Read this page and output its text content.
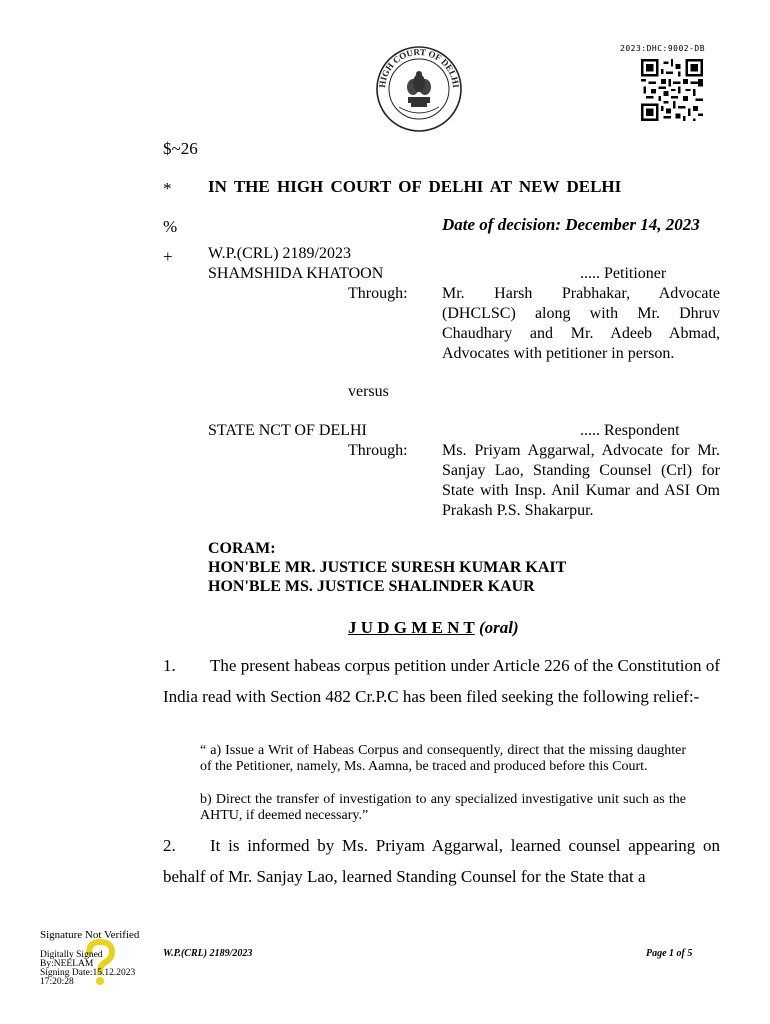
2023:DHC:9002-DB
HIGH COURT OF DELHI
$~26
* IN THE HIGH COURT OF DELHI AT NEW DELHI
%	Date of decision: December 14, 2023
+ W.P.(CRL) 2189/2023
SHAMSHIDA KHATOON	..... Petitioner
Through: Mr. Harsh Prabhakar, Advocate (DHCLSC) along with Mr. Dhruv Chaudhary and Mr. Adeeb Abmad, Advocates with petitioner in person.
versus
STATE NCT OF DELHI	..... Respondent
Through: Ms. Priyam Aggarwal, Advocate for Mr. Sanjay Lao, Standing Counsel (Crl) for State with Insp. Anil Kumar and ASI Om Prakash P.S. Shakarpur.
CORAM:
HON'BLE MR. JUSTICE SURESH KUMAR KAIT
HON'BLE MS. JUSTICE SHALINDER KAUR
J U D G M E N T (oral)
1.	The present habeas corpus petition under Article 226 of the Constitution of India read with Section 482 Cr.P.C has been filed seeking the following relief:-
“ a) Issue a Writ of Habeas Corpus and consequently, direct that the missing daughter of the Petitioner, namely, Ms. Aamna, be traced and produced before this Court.
b) Direct the transfer of investigation to any specialized investigative unit such as the AHTU, if deemed necessary.”
2.	It is informed by Ms. Priyam Aggarwal, learned counsel appearing on behalf of Mr. Sanjay Lao, learned Standing Counsel for the State that a
Signature Not Verified
Digitally Signed
By:NEELAM
Signing Date:15.12.2023
17:20:28
W.P.(CRL) 2189/2023	Page 1 of 5
